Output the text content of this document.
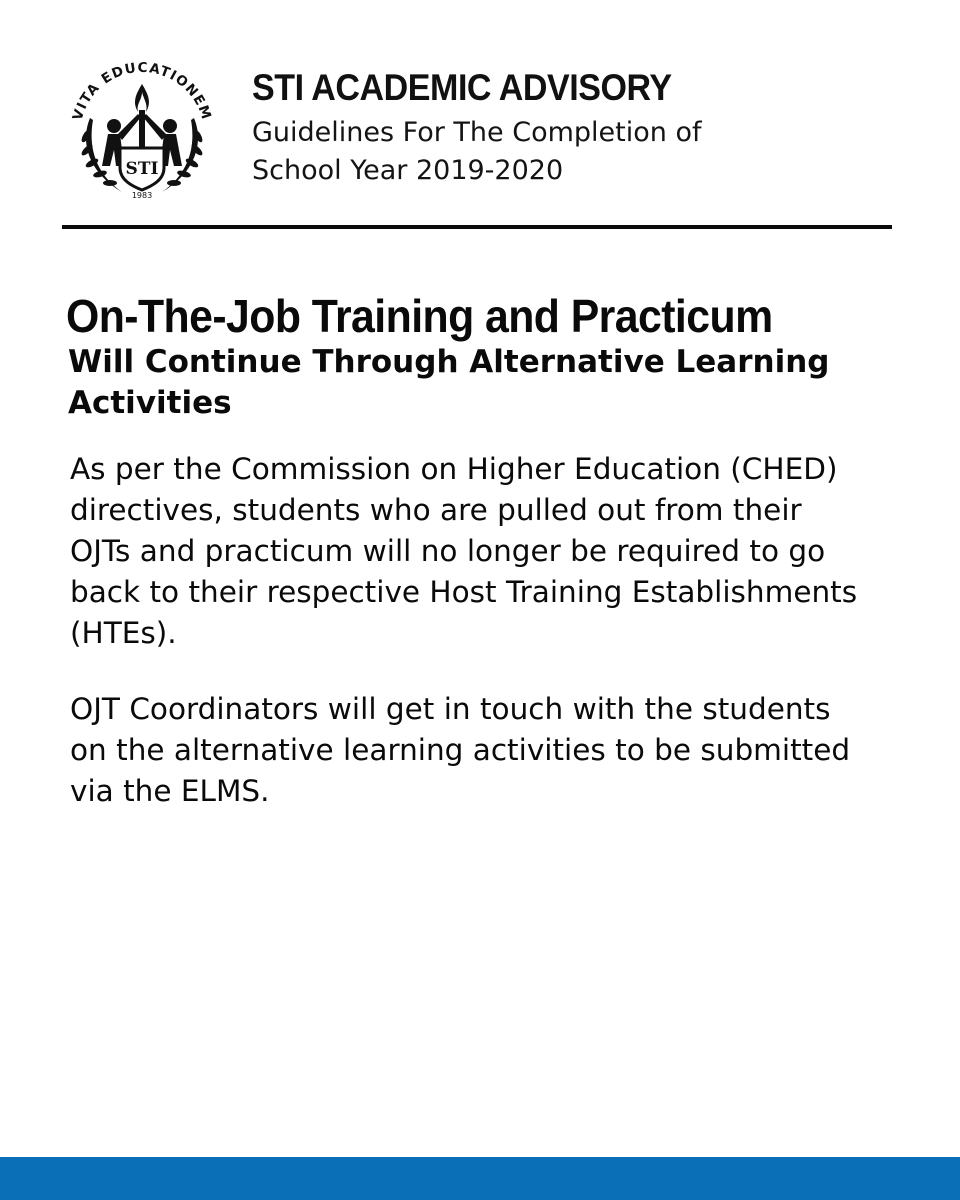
VITA EDUCATIONEM
STI
1983
STI ACADEMIC ADVISORY
Guidelines For The Completion of
School Year 2019-2020
On-The-Job Training and Practicum
Will Continue Through Alternative Learning Activities
As per the Commission on Higher Education (CHED) directives, students who are pulled out from their OJTs and practicum will no longer be required to go back to their respective Host Training Establishments (HTEs).
OJT Coordinators will get in touch with the students on the alternative learning activities to be submitted via the ELMS.
